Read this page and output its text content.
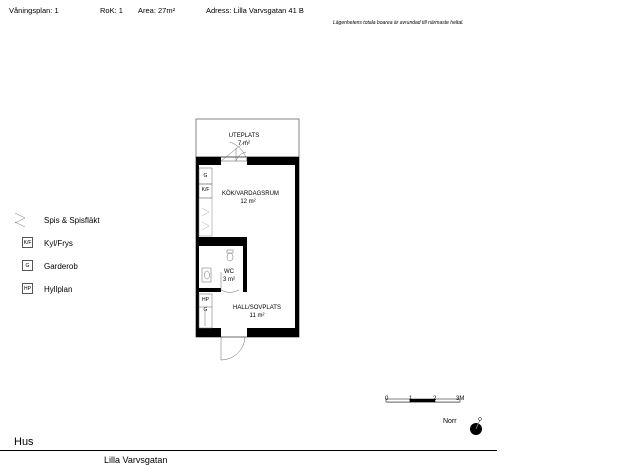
Våningsplan: 1	RoK: 1 Area: 27m²	Adress: Lilla Varvsgatan 41 B
Lägenhetens totala boarea är avrundad till närmaste heltal.
UTEPLATS
7 m²
KÖK/VARDAGSRUM
12 m²
WC
3 m²
HALL/SOVPLATS
11 m²
G
K/F
HP
G
Spis & Spisfläkt
K/F Kyl/Frys
G	Garderob
HP Hyllplan
0	1	2	3M
Norr
Hus
Lilla Varvsgatan
